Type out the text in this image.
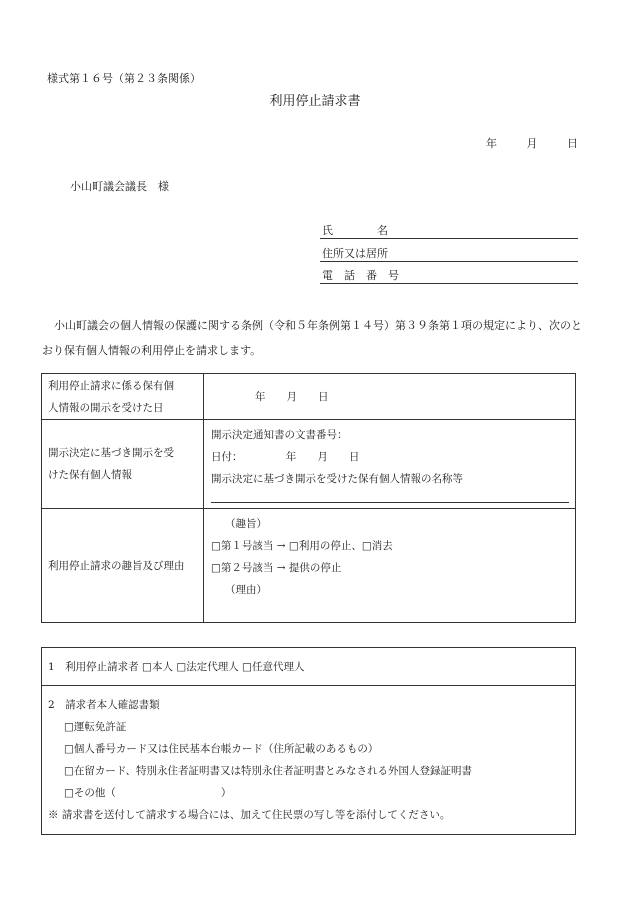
様式第１６号（第２３条関係）
利用停止請求書
年	月	日
小山町議会議長　様
氏　　　　名
住所又は居所
電　話　番　号
小山町議会の個人情報の保護に関する条例（令和５年条例第１４号）第３９条第１項の規定により、次のとおり保有個人情報の利用停止を請求します。
利用停止請求に係る保有個
人情報の開示を受けた日	年　　月　　日

開示決定に基づき開示を受
けた保有個人情報	開示決定通知書の文書番号：
日付： 年　　月　　日
開示決定に基づき開示を受けた保有個人情報の名称等

利用停止請求の趣旨及び理由	（趣旨）
□第１号該当 → □利用の停止、□消去
□第２号該当 → 提供の停止
（理由）
1　利用停止請求者 □本人 □法定代理人 □任意代理人

2　請求者本人確認書類
□運転免許証
□個人番号カード又は住民基本台帳カード（住所記載のあるもの）
□在留カード、特別永住者証明書又は特別永住者証明書とみなされる外国人登録証明書
□その他（　　　　　　　　　　）
※ 請求書を送付して請求する場合には、加えて住民票の写し等を添付してください。
